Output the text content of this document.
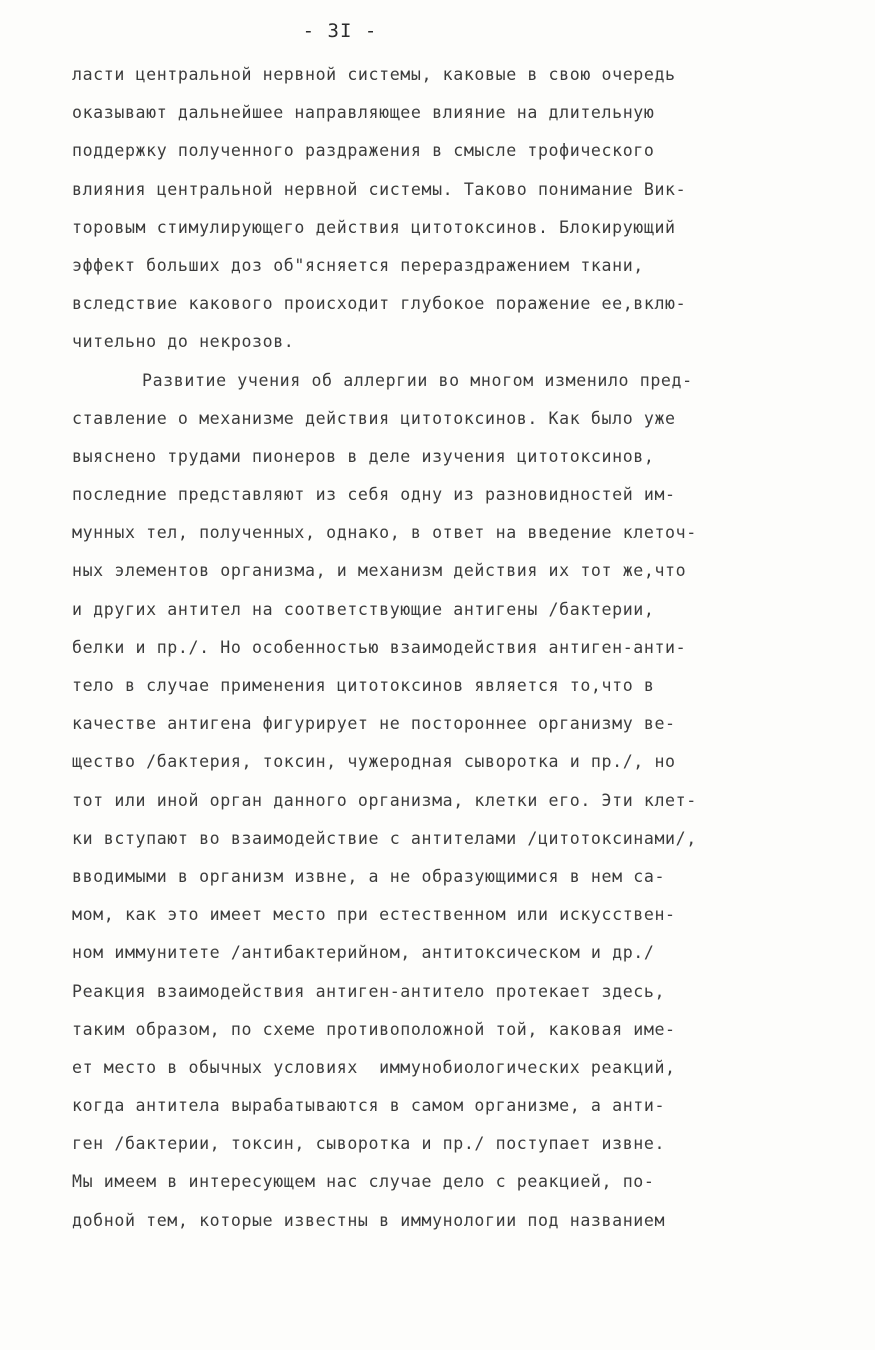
- 3I -
ласти центральной нервной системы, каковые в свою очередь
оказывают дальнейшее направляющее влияние на длительную
поддержку полученного раздражения в смысле трофического
влияния центральной нервной системы. Таково понимание Вик-
торовым стимулирующего действия цитотоксинов. Блокирующий
эффект больших доз об"ясняется перераздражением ткани,
вследствие какового происходит глубокое поражение ее,вклю-
чительно до некрозов.
Развитие учения об аллергии во многом изменило пред-
ставление о механизме действия цитотоксинов. Как было уже
выяснено трудами пионеров в деле изучения цитотоксинов,
последние представляют из себя одну из разновидностей им-
мунных тел, полученных, однако, в ответ на введение клеточ-
ных элементов организма, и механизм действия их тот же,что
и других антител на соответствующие антигены /бактерии,
белки и пр./. Но особенностью взаимодействия антиген-анти-
тело в случае применения цитотоксинов является то,что в
качестве антигена фигурирует не постороннее организму ве-
щество /бактерия, токсин, чужеродная сыворотка и пр./, но
тот или иной орган данного организма, клетки его. Эти клет-
ки вступают во взаимодействие с антителами /цитотоксинами/,
вводимыми в организм извне, а не образующимися в нем са-
мом, как это имеет место при естественном или искусствен-
ном иммунитете /антибактерийном, антитоксическом и др./
Реакция взаимодействия антиген-антитело протекает здесь,
таким образом, по схеме противоположной той, каковая име-
ет место в обычных условиях  иммунобиологических реакций,
когда антитела вырабатываются в самом организме, а анти-
ген /бактерии, токсин, сыворотка и пр./ поступает извне.
Мы имеем в интересующем нас случае дело с реакцией, по-
добной тем, которые известны в иммунологии под названием
